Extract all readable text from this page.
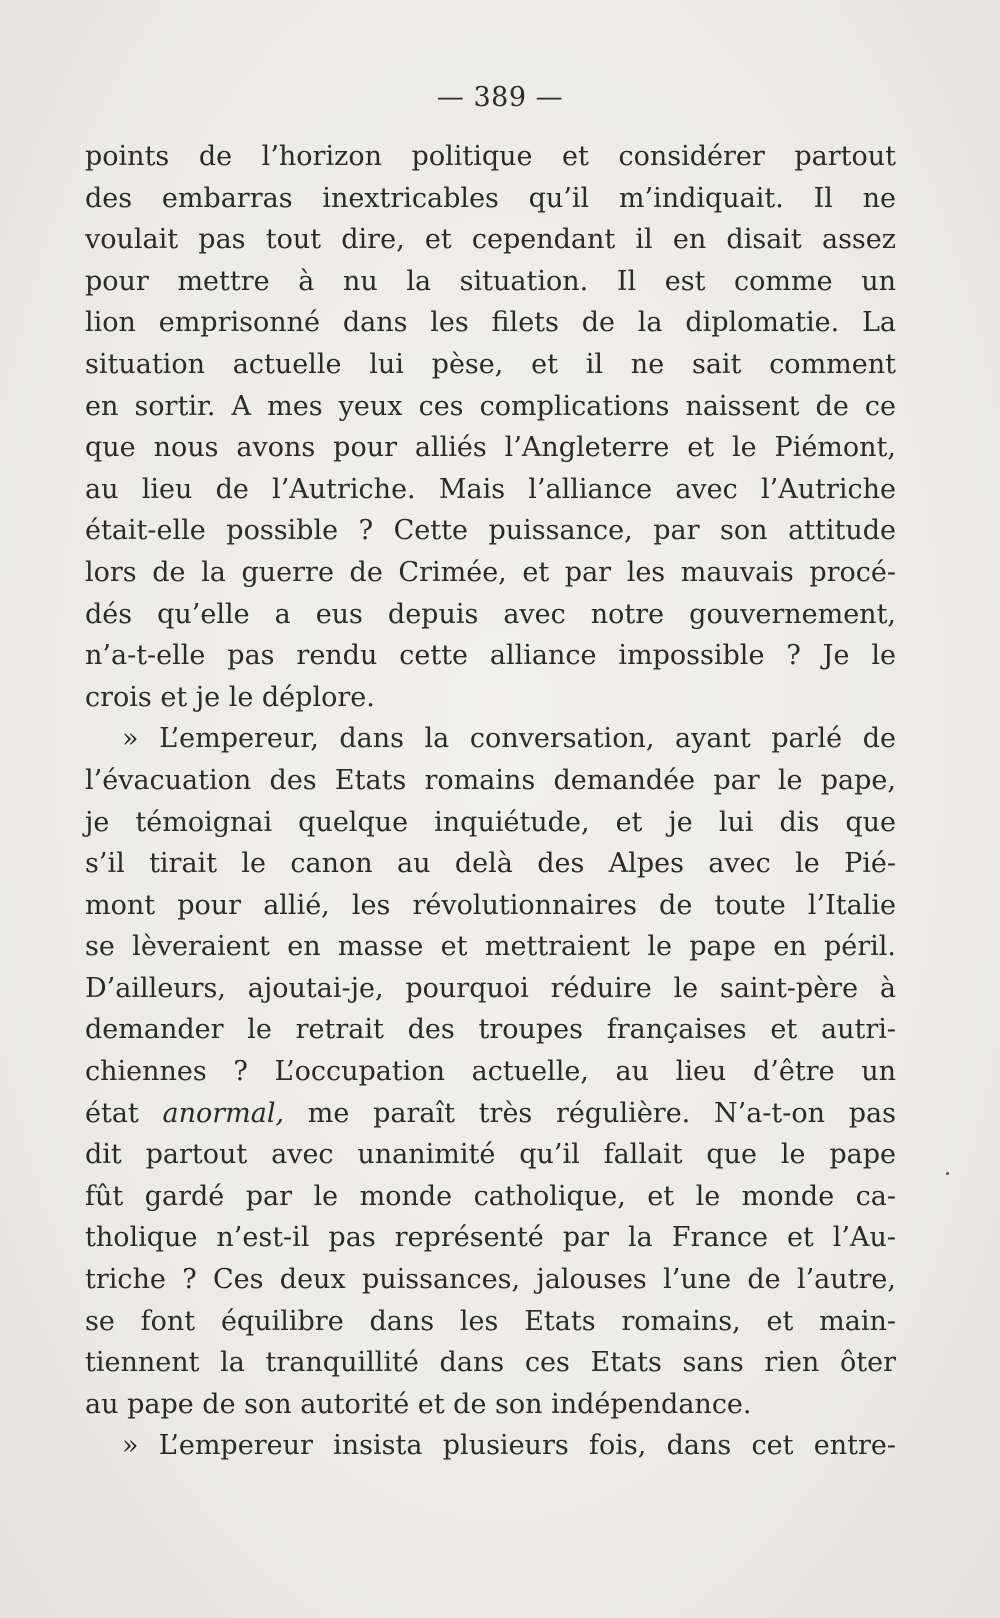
— 389 —
points de l’horizon politique et considérer partout
des embarras inextricables qu’il m’indiquait. Il ne
voulait pas tout dire, et cependant il en disait assez
pour mettre à nu la situation. Il est comme un
lion emprisonné dans les filets de la diplomatie. La
situation actuelle lui pèse, et il ne sait comment
en sortir. A mes yeux ces complications naissent de ce
que nous avons pour alliés l’Angleterre et le Piémont,
au lieu de l’Autriche. Mais l’alliance avec l’Autriche
était-elle possible ? Cette puissance, par son attitude
lors de la guerre de Crimée, et par les mauvais procé-
dés qu’elle a eus depuis avec notre gouvernement,
n’a-t-elle pas rendu cette alliance impossible ? Je le
crois et je le déplore.
» L’empereur, dans la conversation, ayant parlé de
l’évacuation des Etats romains demandée par le pape,
je témoignai quelque inquiétude, et je lui dis que
s’il tirait le canon au delà des Alpes avec le Pié-
mont pour allié, les révolutionnaires de toute l’Italie
se lèveraient en masse et mettraient le pape en péril.
D’ailleurs, ajoutai-je, pourquoi réduire le saint-père à
demander le retrait des troupes françaises et autri-
chiennes ? L’occupation actuelle, au lieu d’être un
état anormal, me paraît très régulière. N’a-t-on pas
dit partout avec unanimité qu’il fallait que le pape
fût gardé par le monde catholique, et le monde ca-
tholique n’est-il pas représenté par la France et l’Au-
triche ? Ces deux puissances, jalouses l’une de l’autre,
se font équilibre dans les Etats romains, et main-
tiennent la tranquillité dans ces Etats sans rien ôter
au pape de son autorité et de son indépendance.
» L’empereur insista plusieurs fois, dans cet entre-
